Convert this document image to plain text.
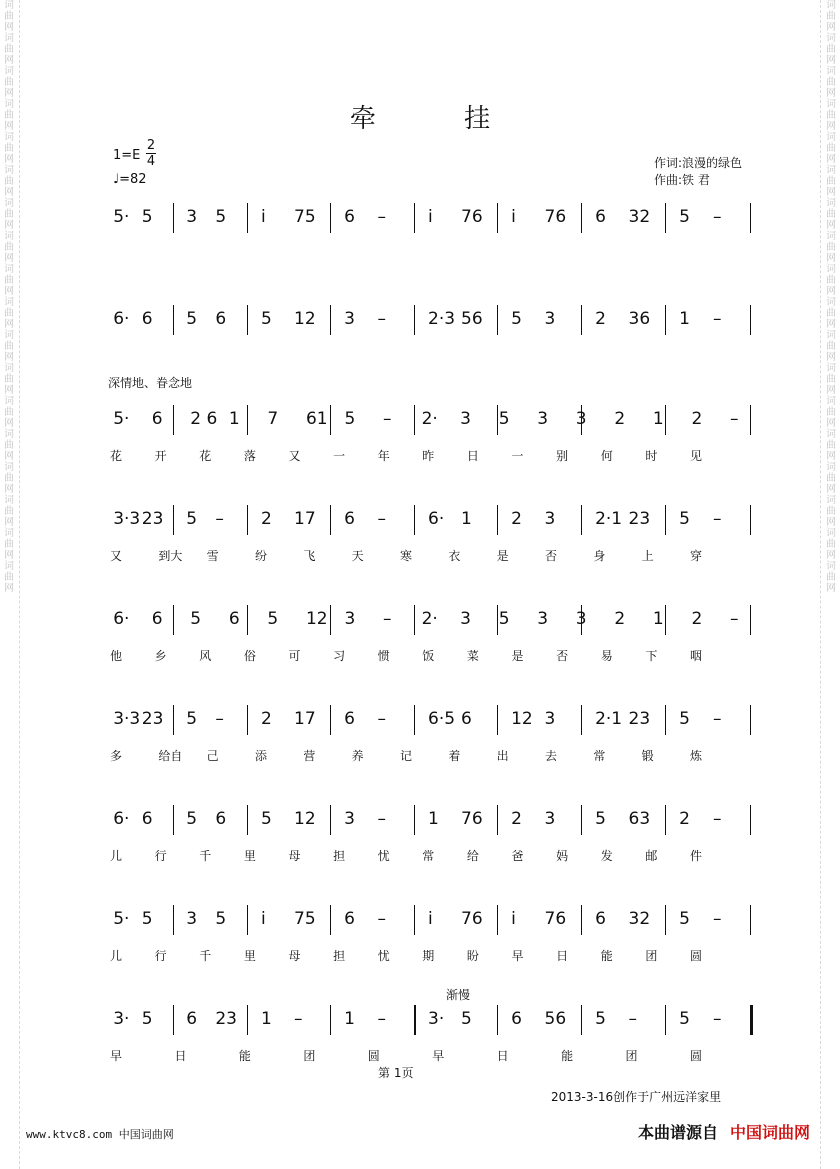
词曲网词曲网词曲网词曲网词曲网词曲网词曲网词曲网词曲网词曲网词曲网词曲网词曲网词曲网词曲网词曲网词曲网词曲网
词曲网词曲网词曲网词曲网词曲网词曲网词曲网词曲网词曲网词曲网词曲网词曲网词曲网词曲网词曲网词曲网词曲网词曲网
牵 挂
1=E
2
4
♩=82
作词:浪漫的绿色
作曲:铁 君
深情地、眷念地
渐慢
5· 5 3 5 i 75 6 – i 76 i 76 6 32 5 –
6· 6 5 6 5 12 3 – 2·3 56 5 3 2 36 1 –
5· 6 2 6 1 7 61 5 – 2· 3 5 3 3 2 1 2 –
花	开	花	落	又	一	年	昨	日	一	别	何	时	见
3·3 23 5 – 2 17 6 – 6· 1 2 3 2·1 23 5 –
又	到大 雪	纷	飞	天	寒	衣	是	否	身	上	穿
6· 6 5 6 5 12 3 – 2· 3 5 3 3 2 1 2 –
他	乡	风	俗	可	习	惯	饭	菜	是	否	易	下	咽
3·3 23 5 – 2 17 6 – 6·5 6 12 3 2·1 23 5 –
多	给自 己	添	营	养	记	着	出	去	常	锻	炼
6· 6 5 6 5 12 3 – 1 76 2 3 5 63 2 –
儿	行	千	里	母	担	忧	常	给	爸	妈	发	邮	件
5· 5 3 5 i 75 6 – i 76 i 76 6 32 5 –
儿	行	千	里	母	担	忧	期	盼	早	日	能	团	圆
3· 5 6 23 1 – 1 – 3· 5 6 56 5 – 5 –
早	日	能	团	圆	早	日	能	团	圆
第 1页
2013-3-16创作于广州远洋家里
www.ktvc8.com 中国词曲网	本曲谱源自 中国词曲网
